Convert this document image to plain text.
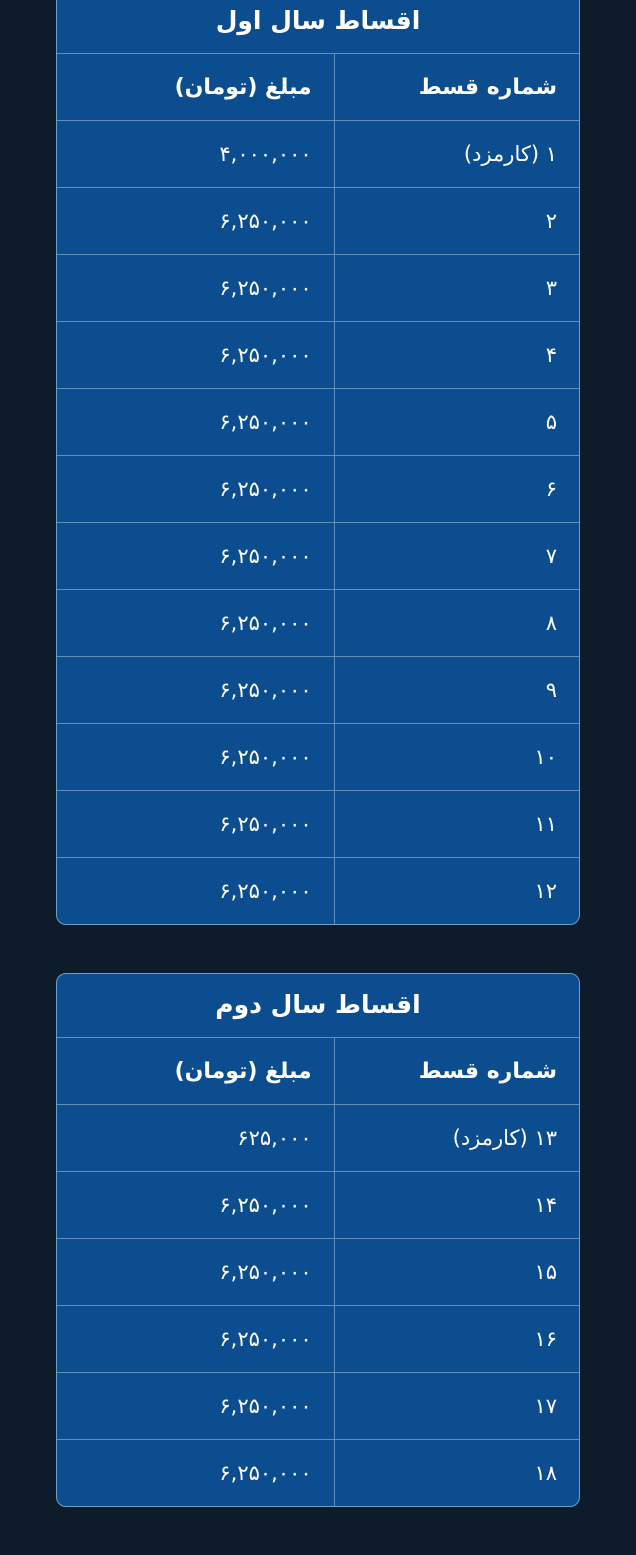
اقساط سال اول
شماره قسط
مبلغ (تومان)
۱ (کارمزد)
۴,۰۰۰,۰۰۰
۲
۶,۲۵۰,۰۰۰
۳
۶,۲۵۰,۰۰۰
۴
۶,۲۵۰,۰۰۰
۵
۶,۲۵۰,۰۰۰
۶
۶,۲۵۰,۰۰۰
۷
۶,۲۵۰,۰۰۰
۸
۶,۲۵۰,۰۰۰
۹
۶,۲۵۰,۰۰۰
۱۰
۶,۲۵۰,۰۰۰
۱۱
۶,۲۵۰,۰۰۰
۱۲
۶,۲۵۰,۰۰۰
اقساط سال دوم
شماره قسط
مبلغ (تومان)
۱۳ (کارمزد)
۶۲۵,۰۰۰
۱۴
۶,۲۵۰,۰۰۰
۱۵
۶,۲۵۰,۰۰۰
۱۶
۶,۲۵۰,۰۰۰
۱۷
۶,۲۵۰,۰۰۰
۱۸
۶,۲۵۰,۰۰۰
